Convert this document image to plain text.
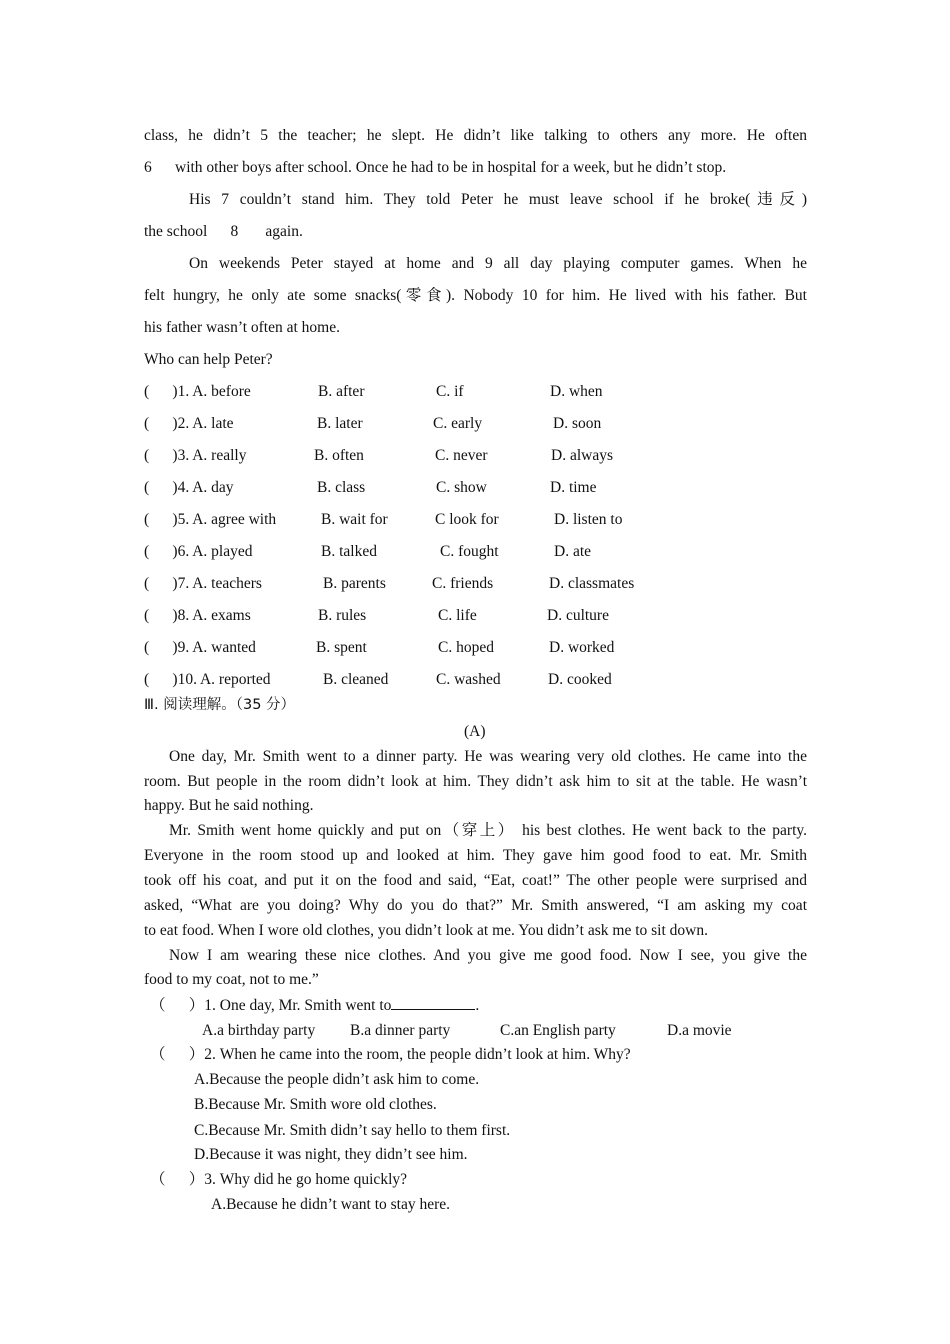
class, he didn’t 5 the teacher; he slept. He didn’t like talking to others any more. He often
6      with other boys after school. Once he had to be in hospital for a week, but he didn’t stop.
His 7 couldn’t stand him. They told Peter he must leave school if he broke(违反)
the school      8       again.
On weekends Peter stayed at home and 9 all day playing computer games. When he
felt hungry, he only ate some snacks(零食). Nobody 10 for him. He lived with his father. But
his father wasn’t often at home.
Who can help Peter?
(      )1. A. before	B. after	C. if	D. when
(      )2. A. late	B. later	C. early	D. soon
(      )3. A. really	B. often	C. never	D. always
(      )4. A. day	B. class	C. show	D. time
(      )5. A. agree with	B. wait for	C look for	D. listen to
(      )6. A. played	B. talked	C. fought	D. ate
(      )7. A. teachers	B. parents	C. friends	D. classmates
(      )8. A. exams	B. rules	C. life	D. culture
(      )9. A. wanted	B. spent	C. hoped	D. worked
(      )10. A. reported	B. cleaned	C. washed	D. cooked
Ⅲ. 阅读理解。（35 分）
(A)
One day, Mr. Smith went to a dinner party. He was wearing very old clothes. He came into the
room. But people in the room didn’t look at him. They didn’t ask him to sit at the table. He wasn’t
happy. But he said nothing.
Mr. Smith went home quickly and put on（穿上） his best clothes. He went back to the party.
Everyone in the room stood up and looked at him. They gave him good food to eat. Mr. Smith
took off his coat, and put it on the food and said, “Eat, coat!” The other people were surprised and
asked, “What are you doing? Why do you do that?” Mr. Smith answered, “I am asking my coat
to eat food. When I wore old clothes, you didn’t look at me. You didn’t ask me to sit down.
Now I am wearing these nice clothes. And you give me good food. Now I see, you give the
food to my coat, not to me.”
（      ）1. One day, Mr. Smith went to	.
A.a birthday party B.a dinner party	C.an English party	D.a movie
（      ）2. When he came into the room, the people didn’t look at him. Why?
A.Because the people didn’t ask him to come.
B.Because Mr. Smith wore old clothes.
C.Because Mr. Smith didn’t say hello to them first.
D.Because it was night, they didn’t see him.
（      ）3. Why did he go home quickly?
A.Because he didn’t want to stay here.
